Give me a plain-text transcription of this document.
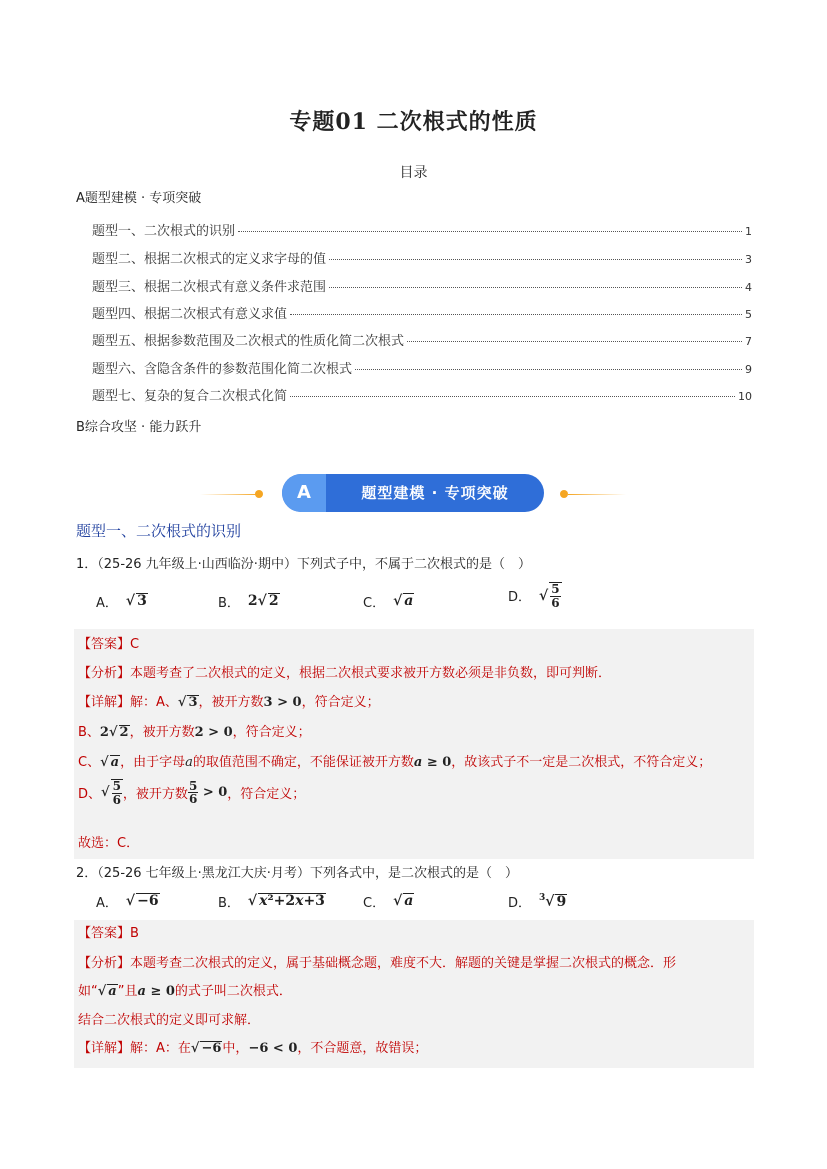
专题01 二次根式的性质
目录
A题型建模 · 专项突破
题型一、二次根式的识别	1
题型二、根据二次根式的定义求字母的值	3
题型三、根据二次根式有意义条件求范围	4
题型四、根据二次根式有意义求值	5
题型五、根据参数范围及二次根式的性质化简二次根式	7
题型六、含隐含条件的参数范围化简二次根式	9
题型七、复杂的复合二次根式化简	10
B综合攻坚 · 能力跃升
A	题型建模 · 专项突破
题型一、二次根式的识别
1．（25-26 九年级上·山西临汾·期中）下列式子中，不属于二次根式的是（　）
A． √ 3	B． 2√ 2	C． √ a	D． √ $\frac{5}{6}$
【答案】C
【分析】本题考查了二次根式的定义，根据二次根式要求被开方数必须是非负数，即可判断．
【详解】解：A、√ 3，被开方数3 > 0，符合定义；
B、2√ 2，被开方数2 > 0，符合定义；
C、√ a，由于字母a的取值范围不确定，不能保证被开方数a ≥ 0，故该式子不一定是二次根式，不符合定义；
D、 √ $\frac{5}{6}$ ，被开方数 $\frac{5}{6} > 0$ ，符合定义；
故选：C．
2．（25-26 七年级上·黑龙江大庆·月考）下列各式中，是二次根式的是（　）
A． √ −6	B． √ x²+2x+3	C． √ a	D． $^3$√ 9
【答案】B
【分析】本题考查二次根式的定义，属于基础概念题，难度不大．解题的关键是掌握二次根式的概念．形
如“√ a”且a ≥ 0的式子叫二次根式．
结合二次根式的定义即可求解．
【详解】解：A：在√ −6中，−6 < 0，不合题意，故错误；
